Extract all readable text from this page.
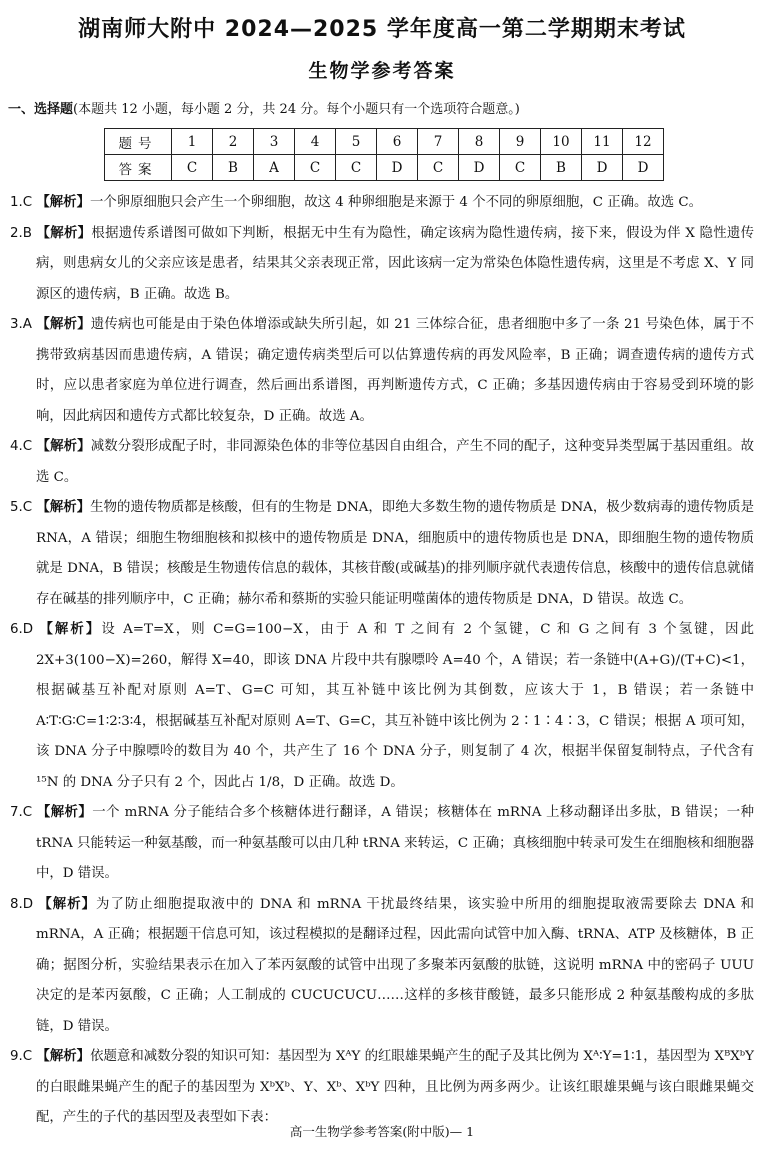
湖南师大附中 2024—2025 学年度高一第二学期期末考试
生物学参考答案
一、选择题(本题共 12 小题，每小题 2 分，共 24 分。每个小题只有一个选项符合题意。)
题号	1	2	3	4	5	6	7	8	9	10	11	12
答案	C	B	A	C	C	D	C	D	C	B	D	D

1.C 【解析】一个卵原细胞只会产生一个卵细胞，故这 4 种卵细胞是来源于 4 个不同的卵原细胞，C 正确。故选 C。

2.B 【解析】根据遗传系谱图可做如下判断，根据无中生有为隐性，确定该病为隐性遗传病，接下来，假设为伴 X 隐性遗传病，则患病女儿的父亲应该是患者，结果其父亲表现正常，因此该病一定为常染色体隐性遗传病，这里是不考虑 X、Y 同源区的遗传病，B 正确。故选 B。

3.A 【解析】遗传病也可能是由于染色体增添或缺失所引起，如 21 三体综合征，患者细胞中多了一条 21 号染色体，属于不携带致病基因而患遗传病，A 错误；确定遗传病类型后可以估算遗传病的再发风险率，B 正确；调查遗传病的遗传方式时，应以患者家庭为单位进行调查，然后画出系谱图，再判断遗传方式，C 正确；多基因遗传病由于容易受到环境的影响，因此病因和遗传方式都比较复杂，D 正确。故选 A。

4.C 【解析】减数分裂形成配子时，非同源染色体的非等位基因自由组合，产生不同的配子，这种变异类型属于基因重组。故选 C。

5.C 【解析】生物的遗传物质都是核酸，但有的生物是 DNA，即绝大多数生物的遗传物质是 DNA，极少数病毒的遗传物质是 RNA，A 错误；细胞生物细胞核和拟核中的遗传物质是 DNA，细胞质中的遗传物质也是 DNA，即细胞生物的遗传物质就是 DNA，B 错误；核酸是生物遗传信息的载体，其核苷酸(或碱基)的排列顺序就代表遗传信息，核酸中的遗传信息就储存在碱基的排列顺序中，C 正确；赫尔希和蔡斯的实验只能证明噬菌体的遗传物质是 DNA，D 错误。故选 C。

6.D 【解析】设 A=T=X，则 C=G=100−X，由于 A 和 T 之间有 2 个氢键，C 和 G 之间有 3 个氢键，因此 2X+3(100−X)=260，解得 X=40，即该 DNA 片段中共有腺嘌呤 A=40 个，A 错误；若一条链中(A+G)/(T+C)<1，根据碱基互补配对原则 A=T、G=C 可知，其互补链中该比例为其倒数，应该大于 1，B 错误；若一条链中 A∶T∶G∶C=1∶2∶3∶4，根据碱基互补配对原则 A=T、G=C，其互补链中该比例为 2∶1∶4∶3，C 错误；根据 A 项可知，该 DNA 分子中腺嘌呤的数目为 40 个，共产生了 16 个 DNA 分子，则复制了 4 次，根据半保留复制特点，子代含有¹⁵N 的 DNA 分子只有 2 个，因此占 1/8，D 正确。故选 D。

7.C 【解析】一个 mRNA 分子能结合多个核糖体进行翻译，A 错误；核糖体在 mRNA 上移动翻译出多肽，B 错误；一种 tRNA 只能转运一种氨基酸，而一种氨基酸可以由几种 tRNA 来转运，C 正确；真核细胞中转录可发生在细胞核和细胞器中，D 错误。

8.D 【解析】为了防止细胞提取液中的 DNA 和 mRNA 干扰最终结果，该实验中所用的细胞提取液需要除去 DNA 和 mRNA，A 正确；根据题干信息可知，该过程模拟的是翻译过程，因此需向试管中加入酶、tRNA、ATP 及核糖体，B 正确；据图分析，实验结果表示在加入了苯丙氨酸的试管中出现了多聚苯丙氨酸的肽链，这说明 mRNA 中的密码子 UUU 决定的是苯丙氨酸，C 正确；人工制成的 CUCUCUCU……这样的多核苷酸链，最多只能形成 2 种氨基酸构成的多肽链，D 错误。

9.C 【解析】依题意和减数分裂的知识可知：基因型为 XᴬY 的红眼雄果蝇产生的配子及其比例为 Xᴬ∶Y=1∶1，基因型为 XᴮXᵇY 的白眼雌果蝇产生的配子的基因型为 XᵇXᵇ、Y、Xᵇ、XᵇY 四种，且比例为两多两少。让该红眼雄果蝇与该白眼雌果蝇交配，产生的子代的基因型及表型如下表：

高一生物学参考答案(附中版)— 1
